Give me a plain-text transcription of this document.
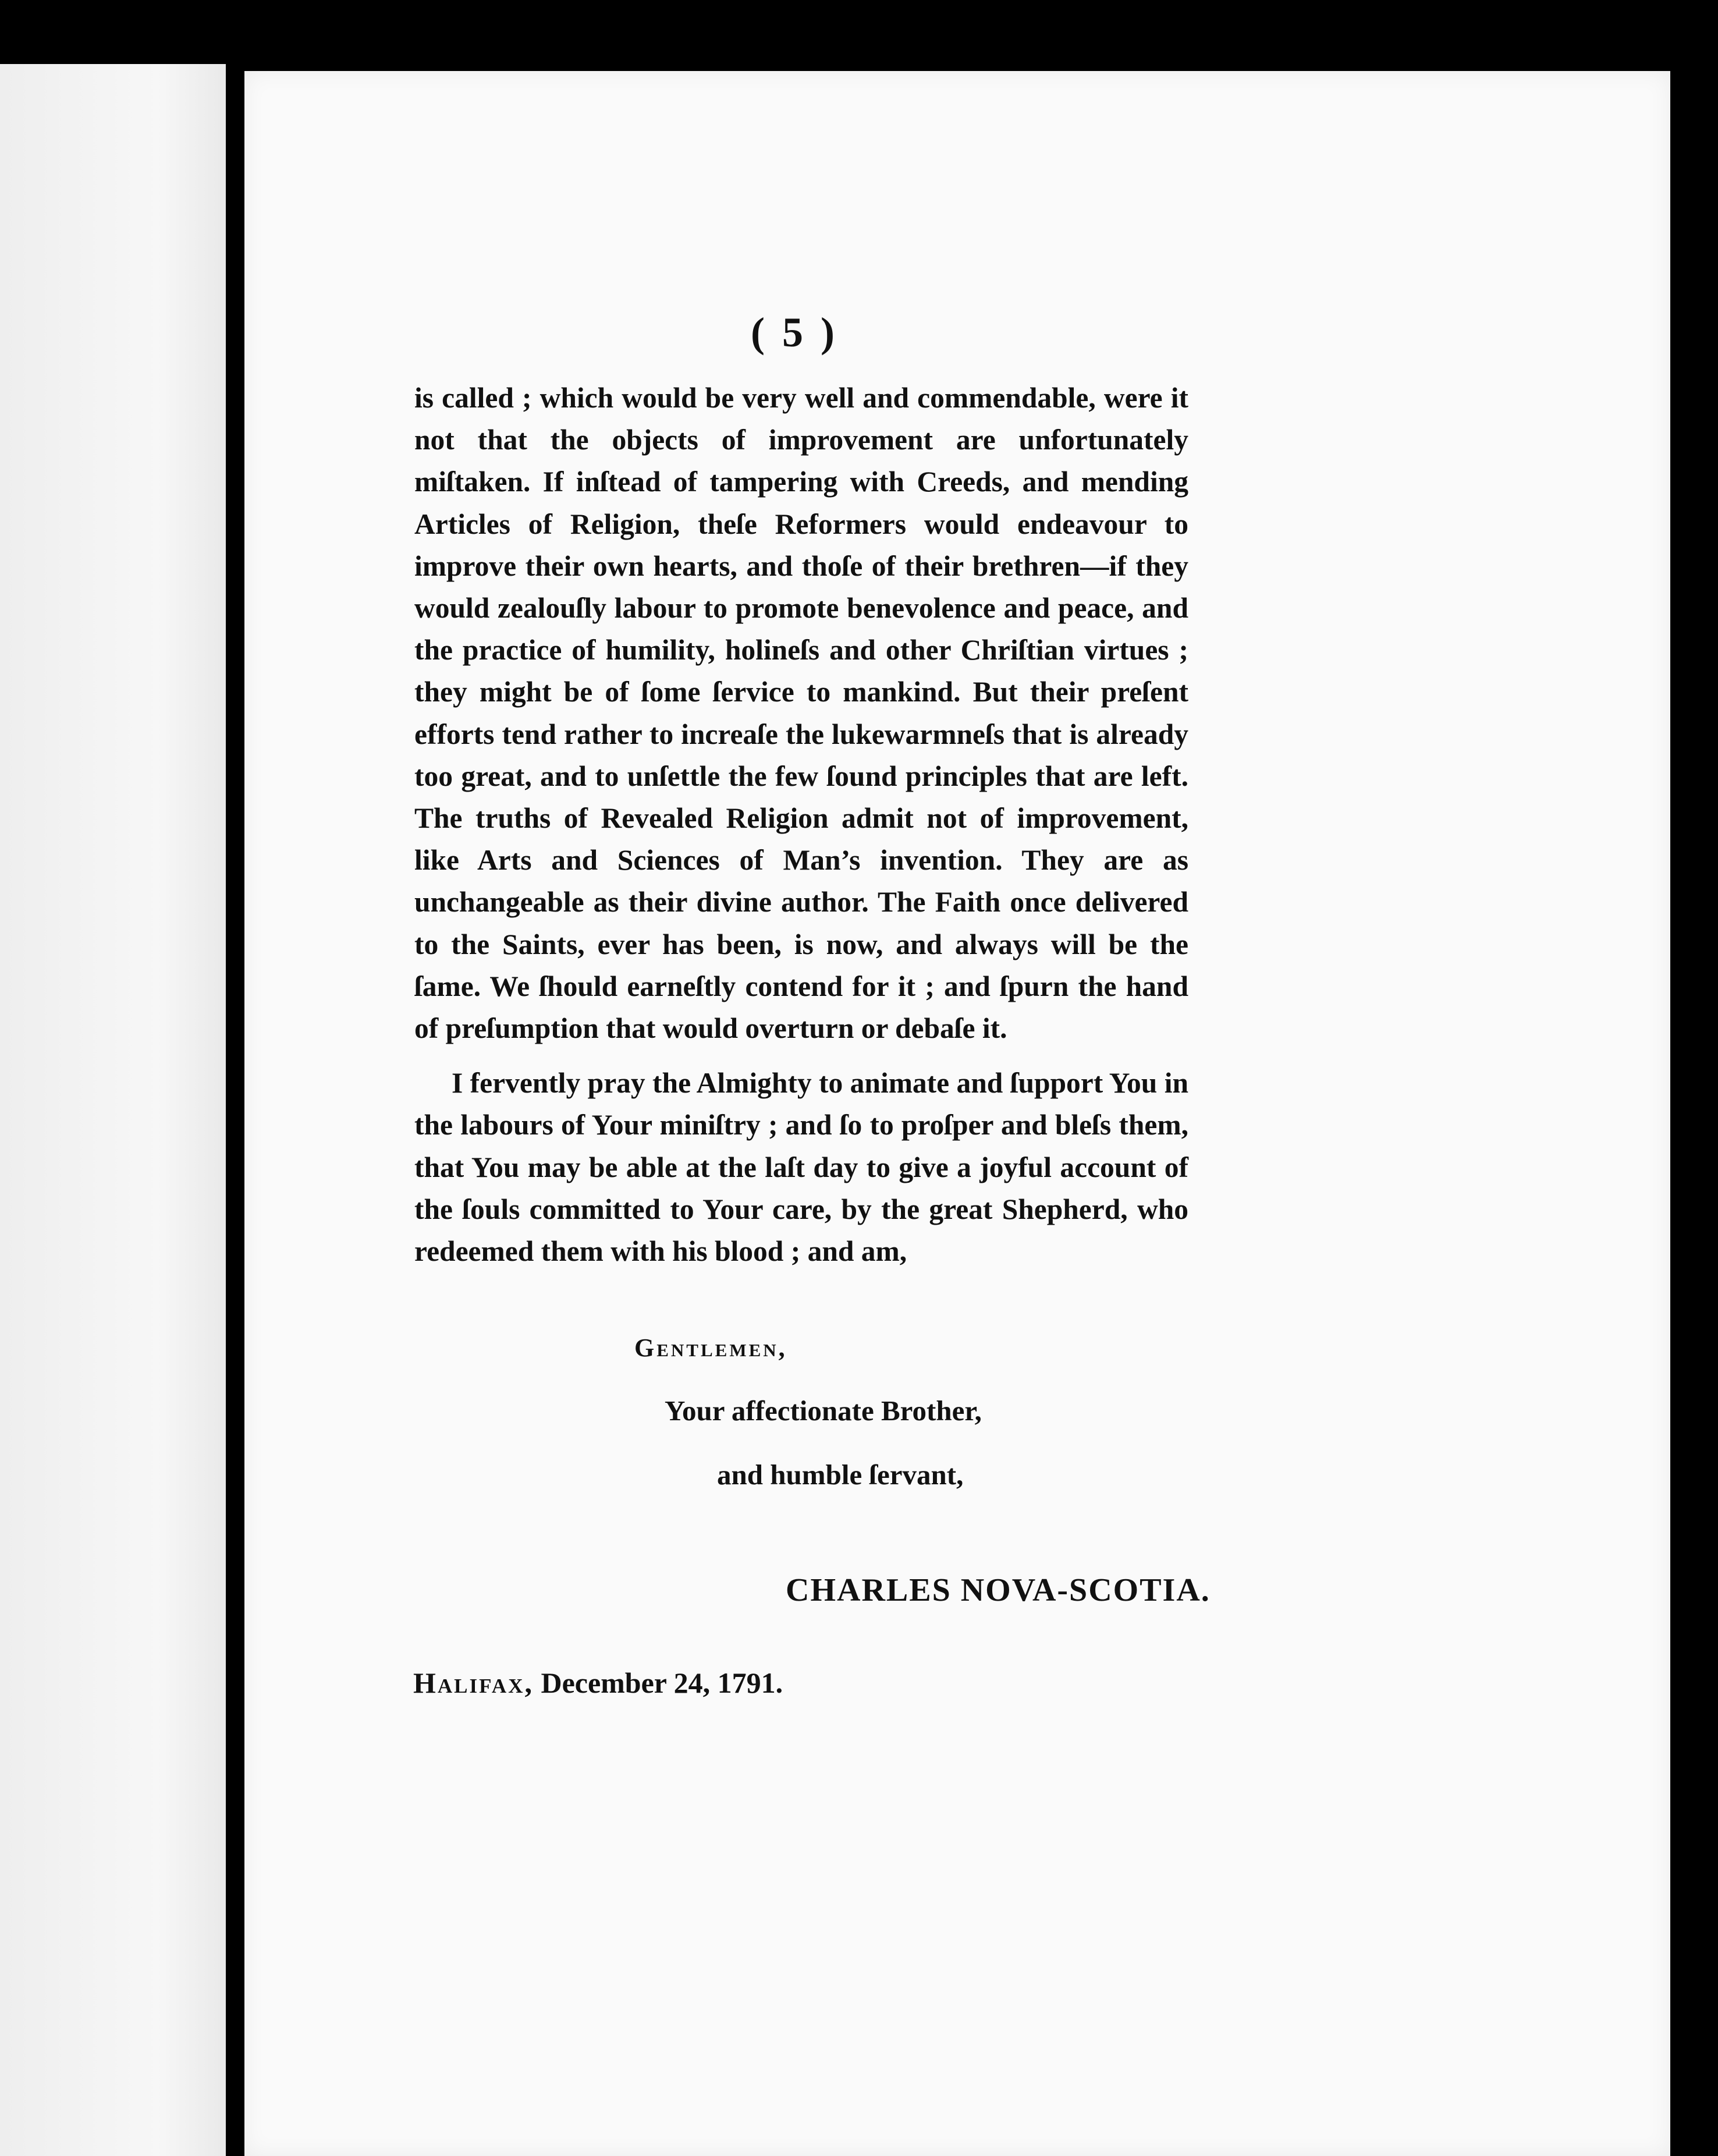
( 5 )

is called ; which would be very well and commendable, were it not that the objects of improvement are unfortunately miſtaken. If inſtead of tampering with Creeds, and mending Articles of Religion, theſe Reformers would endeavour to improve their own hearts, and thoſe of their brethren—if they would zealouſly labour to promote benevolence and peace, and the practice of humility, holineſs and other Chriſtian virtues ; they might be of ſome ſervice to mankind. But their preſent efforts tend rather to increaſe the lukewarmneſs that is already too great, and to unſettle the few ſound principles that are left. The truths of Revealed Religion admit not of improvement, like Arts and Sciences of Man’s invention. They are as unchangeable as their divine author. The Faith once delivered to the Saints, ever has been, is now, and always will be the ſame. We ſhould earneſtly contend for it ; and ſpurn the hand of preſumption that would overturn or debaſe it.

I fervently pray the Almighty to animate and ſupport You in the labours of Your miniſtry ; and ſo to proſper and bleſs them, that You may be able at the laſt day to give a joyful account of the ſouls committed to Your care, by the great Shepherd, who redeemed them with his blood ; and am,

Gentlemen,
Your affectionate Brother,
and humble ſervant,
CHARLES NOVA-SCOTIA.
Halifax, December 24, 1791.
